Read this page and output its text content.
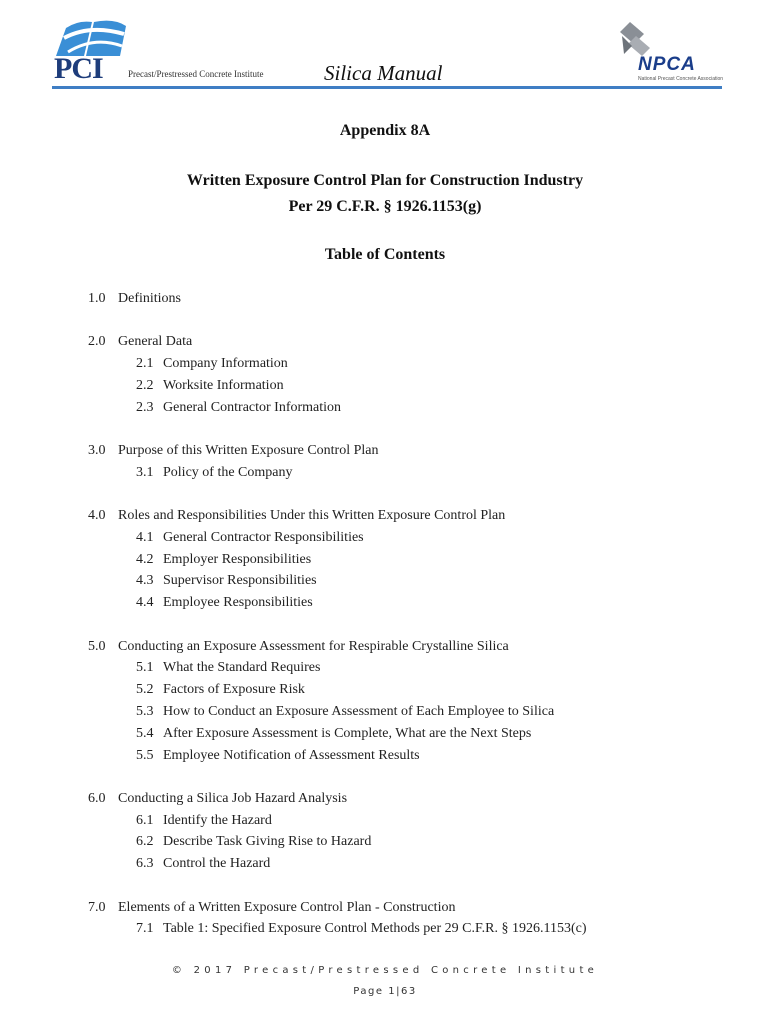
PCI	Precast/Prestressed Concrete Institute	Silica Manual	NPCA
National Precast Concrete Association
Appendix 8A
Written Exposure Control Plan for Construction Industry
Per 29 C.F.R. § 1926.1153(g)
Table of Contents
1.0 Definitions
2.0 General Data
2.1 Company Information
2.2 Worksite Information
2.3 General Contractor Information
3.0 Purpose of this Written Exposure Control Plan
3.1 Policy of the Company
4.0 Roles and Responsibilities Under this Written Exposure Control Plan
4.1 General Contractor Responsibilities
4.2 Employer Responsibilities
4.3 Supervisor Responsibilities
4.4 Employee Responsibilities
5.0 Conducting an Exposure Assessment for Respirable Crystalline Silica
5.1 What the Standard Requires
5.2 Factors of Exposure Risk
5.3 How to Conduct an Exposure Assessment of Each Employee to Silica
5.4 After Exposure Assessment is Complete, What are the Next Steps
5.5 Employee Notification of Assessment Results
6.0 Conducting a Silica Job Hazard Analysis
6.1 Identify the Hazard
6.2 Describe Task Giving Rise to Hazard
6.3 Control the Hazard
7.0 Elements of a Written Exposure Control Plan - Construction
7.1 Table 1: Specified Exposure Control Methods per 29 C.F.R. § 1926.1153(c)
© 2017 Precast/Prestressed Concrete Institute
Page 1|63
